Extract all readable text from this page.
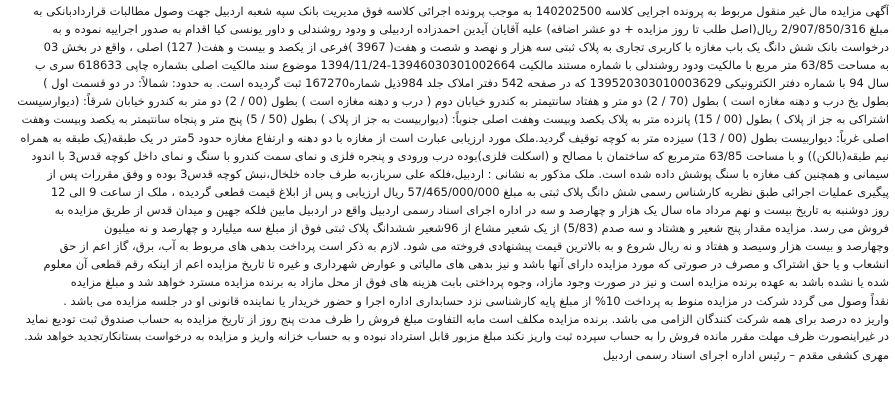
آگهی مزایده مال غیر منقول مربوط به پرونده اجرایی کلاسه 140202500 به موجب پرونده اجرائی کلاسه فوق مدیریت بانک سپه شعبه اردبیل جهت وصول مطالبات قراردادبانکی به
مبلغ 2/907/850/316 ریال(اصل طلب تا روز مزایده + دو عشر اضافه) علیه آقایان آیدین احمدزاده اردبیلی و ودود روشندلی و داور یونسی کیا اقدام به صدور اجراییه نموده و به
درخواست بانک شش دانگ یک باب مغازه با کاربری تجاری به پلاک ثبتی سه هزار و نهصد و شصت و هفت( 3967 )فرعی از یکصد و بیست و هفت( 127) اصلی ، واقع در بخش 03
به مساحت 63/85 متر مربع با مالکیت ودود روشندلی با شماره مستند مالکیت 13946030301002664-1394/11/24 موضوع سند مالکیت اصلی بشماره چاپی 618633 سری ب
سال 94 با شماره دفتر الکترونیکی 139520303010003629 که در صفحه 542 دفتر املاک جلد 984ذیل شماره167270 ثبت گردیده است. به حدود: شمالاً: در دو قسمت اول )
بطول یخ درب و دهنه مغازه است ) بطول (70 / 2) دو متر و هفتاد سانتیمتر به کندرو خیابان دوم ( درب و دهنه مغازه است ) بطول (00 / 2) دو متر به کندرو خیابان شرقاً: (دیوارسیست
اشتراکی به جز از پلاک ) بطول (00 / 15) پانزده متر به پلاک یکصد وبیست وهفت اصلی جنوباً: (دیواربیست به جز از پلاک ) بطول (50 / 5) پنج متر و پنجاه سانتیمتر به یکصد وبیست وهفت
اصلی غرباً: دیواربیست بطول (00 / 13) سیزده متر به کوچه توقیف گردید.ملک مورد ارزیابی عبارت است از مغازه با دو دهنه و ارتفاع مغازه حدود 5متر در یک طبقه(یک طبقه به همراه
نیم طبقه(بالکن)) و با مساحت 63/85 مترمربع که ساختمان با مصالح و (اسکلت فلزی)بوده درب ورودی و پنجره فلزی و نمای سمت کندرو با سنگ و نمای داخل کوچه قدس3 با اندود
سیمانی و همچنین کف مغازه با سنگ پوشش داده شده است. ملک مذکور به نشانی : اردبیل،فلکه علی سرباز،به طرف جاده خلخال،نبش کوچه قدس3 بوده و وفق مقررات پس از
پیگیری عملیات اجرائی طبق نظریه کارشناس رسمی شش دانگ پلاک ثبتی به مبلغ 57/465/000/000 ریال ارزیابی و پس از ابلاغ قیمت قطعی گردیده ، ملک از ساعت 9 الی 12
روز دوشنبه به تاریخ بیست و نهم مرداد ماه سال یک هزار و چهارصد و سه در اداره اجرای اسناد رسمی اردبیل واقع در اردبیل مابین فلکه جهین و میدان قدس از طریق مزایده به
فروش می رسد. مزایده مقدار پنج شعیر و هشتاد و سه صدم (5/83) از یک شعیر مشاع از 96شعیر ششدانگ پلاک ثبتی فوق از مبلغ سه میلیارد و چهارصد و نه میلیون
وچهارصد و بیست هزار وسیصد و هفتاد و نه ریال شروع و به بالاترین قیمت پیشنهادی فروخته می شود. لازم به ذکر است پرداخت بدهی های مربوط به آب، برق، گاز اعم از حق
انشعاب و یا حق اشتراک و مصرف در صورتی که مورد مزایده دارای آنها باشد و نیز بدهی های مالیاتی و عوارض شهرداری و غیره تا تاریخ مزایده اعم از اینکه رقم قطعی آن معلوم
شده یا نشده باشد به عهده برنده مزایده است و نیز در صورت وجود مازاد، وجوه پرداختی بابت هزینه های فوق از محل مازاد به برنده مزایده مسترد خواهد شد و مبلغ مزایده
نقداً وصول می گردد شرکت در مزایده منوط به پرداخت 10% از مبلغ پایه کارشناسی نزد حسابداری اداره اجرا و حضور خریدار یا نماینده قانونی او در جلسه مزایده می باشد .
واریز ده درصد برای همه شرکت کنندگان الزامی می باشد. برنده مزایده مکلف است مابه التفاوت مبلغ فروش را ظرف مدت پنج روز از تاریخ مزایده به حساب صندوق ثبت تودیع نماید
در غیراینصورت ظرف مهلت مقرر مانده فروش را به حساب سپرده ثبت واریز نکند مبلغ مزبور قابل استرداد نبوده و به حساب خزانه واریز و مزایده به درخواست بستانکارتجدید خواهد شد.
مهری کشفی مقدم – رئیس اداره اجرای اسناد رسمی اردبیل
